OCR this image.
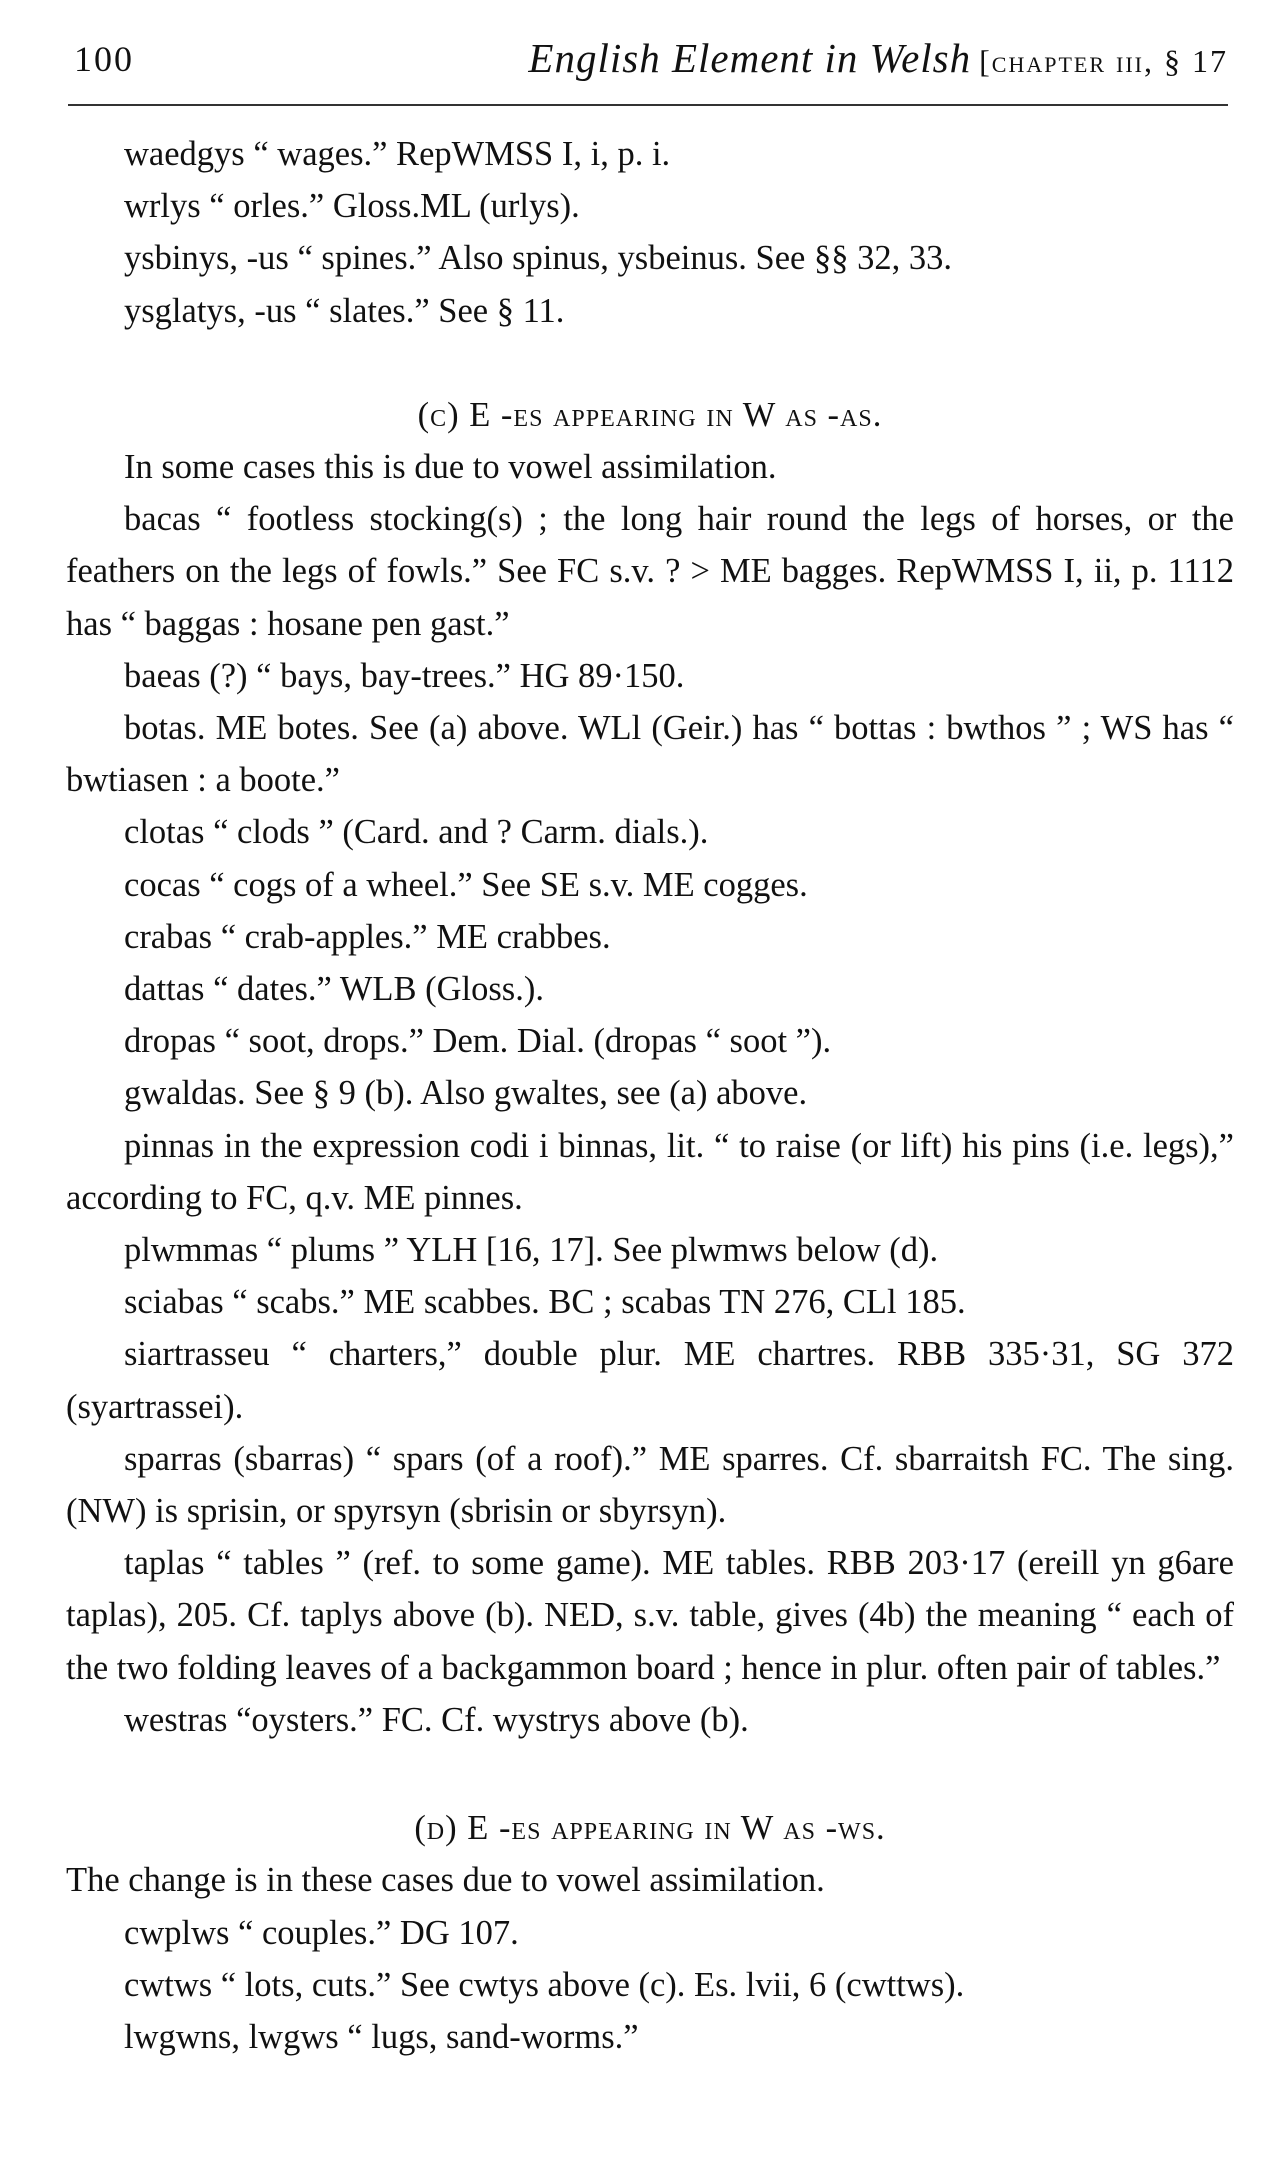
100	English Element in Welsh [chapter iii, § 17

waedgys “ wages.” RepWMSS I, i, p. i.

wrlys “ orles.” Gloss.ML (urlys).

ysbinys, -us “ spines.” Also spinus, ysbeinus. See §§ 32, 33.

ysglatys, -us “ slates.” See § 11.

(c) E -es appearing in W as -as.

In some cases this is due to vowel assimilation.

bacas “ footless stocking(s) ; the long hair round the legs of horses, or the feathers on the legs of fowls.” See FC s.v. ? > ME bagges. RepWMSS I, ii, p. 1112 has “ baggas : hosane pen gast.”

baeas (?) “ bays, bay-trees.” HG 89·150.

botas. ME botes. See (a) above. WLl (Geir.) has “ bottas : bwthos ” ; WS has “ bwtiasen : a boote.”

clotas “ clods ” (Card. and ? Carm. dials.).

cocas “ cogs of a wheel.” See SE s.v. ME cogges.

crabas “ crab-apples.” ME crabbes.

dattas “ dates.” WLB (Gloss.).

dropas “ soot, drops.” Dem. Dial. (dropas “ soot ”).

gwaldas. See § 9 (b). Also gwaltes, see (a) above.

pinnas in the expression codi i binnas, lit. “ to raise (or lift) his pins (i.e. legs),” according to FC, q.v. ME pinnes.

plwmmas “ plums ” YLH [16, 17]. See plwmws below (d).

sciabas “ scabs.” ME scabbes. BC ; scabas TN 276, CLl 185.

siartrasseu “ charters,” double plur. ME chartres. RBB 335·31, SG 372 (syartrassei).

sparras (sbarras) “ spars (of a roof).” ME sparres. Cf. sbarraitsh FC. The sing. (NW) is sprisin, or spyrsyn (sbrisin or sbyrsyn).

taplas “ tables ” (ref. to some game). ME tables. RBB 203·17 (ereill yn g6are taplas), 205. Cf. taplys above (b). NED, s.v. table, gives (4b) the meaning “ each of the two folding leaves of a backgammon board ; hence in plur. often pair of tables.”

westras “oysters.” FC. Cf. wystrys above (b).

(d) E -es appearing in W as -ws.

The change is in these cases due to vowel assimilation.

cwplws “ couples.” DG 107.

cwtws “ lots, cuts.” See cwtys above (c). Es. lvii, 6 (cwttws).

lwgwns, lwgws “ lugs, sand-worms.”
